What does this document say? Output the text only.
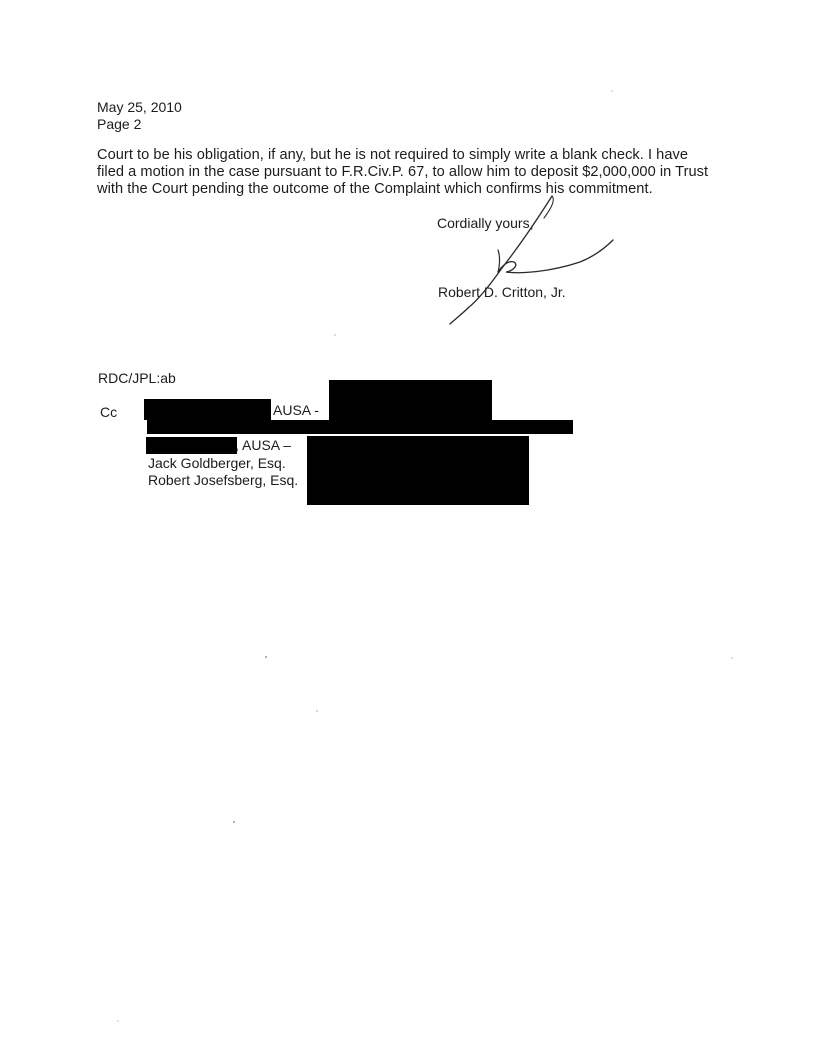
May 25, 2010
Page 2
Court to be his obligation, if any, but he is not required to simply write a blank check. I have
filed a motion in the case pursuant to F.R.Civ.P. 67, to allow him to deposit $2,000,000 in Trust
with the Court pending the outcome of the Complaint which confirms his commitment.
Cordially yours,
Robert D. Critton, Jr.
RDC/JPL:ab
Cc	AUSA -
, AUSA –
Jack Goldberger, Esq.
Robert Josefsberg, Esq.
